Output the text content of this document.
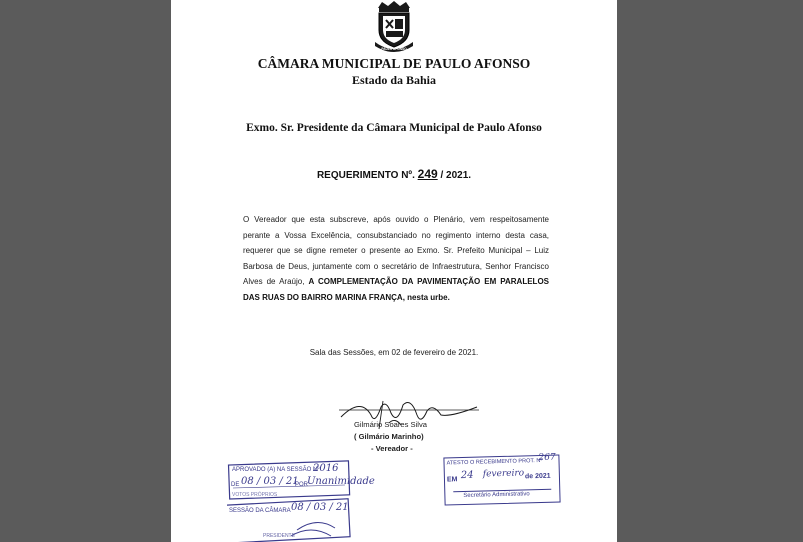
PAULO AFONSO
CÂMARA MUNICIPAL DE PAULO AFONSO
Estado da Bahia
Exmo. Sr. Presidente da Câmara Municipal de Paulo Afonso
REQUERIMENTO Nº. 249 / 2021.
O Vereador que esta subscreve, após ouvido o Plenário, vem respeitosamente perante a Vossa Excelência, consubstanciado no regimento interno desta casa, requerer que se digne remeter o presente ao Exmo. Sr. Prefeito Municipal – Luiz Barbosa de Deus, juntamente com o secretário de Infraestrutura, Senhor Francisco Alves de Araújo, A COMPLEMENTAÇÃO DA PAVIMENTAÇÃO EM PARALELOS DAS RUAS DO BAIRRO MARINA FRANÇA, nesta urbe.
Sala das Sessões, em 02 de fevereiro de 2021.
Gilmário Soares Silva
( Gilmário Marinho)
- Vereador -
APROVADO (A) NA SESSÃO Nº
2016
DE 08 / 03 / 21
POR
Unanimidade
VOTOS PRÓPRIOS
SESSÃO DA CÂMARA 08 / 03 / 21
PRESIDENTE
ATESTO O RECEBIMENTO PROT. Nº
267
EM 24 fevereiro de 2021
Secretário Administrativo
